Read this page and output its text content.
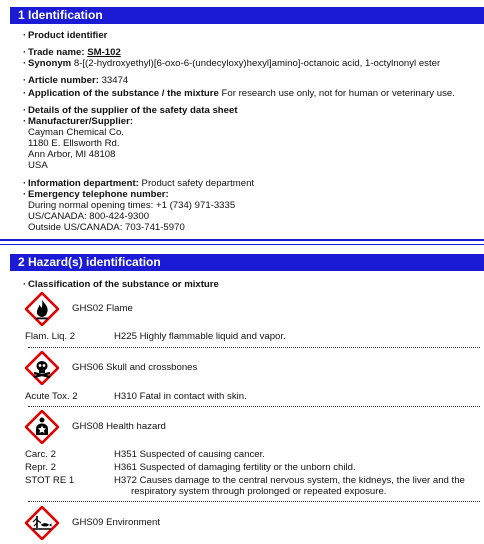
1 Identification
· Product identifier
· Trade name: SM-102
· Synonym 8-[(2-hydroxyethyl)[6-oxo-6-(undecyloxy)hexyl]amino]-octanoic acid, 1-octylnonyl ester
· Article number: 33474
· Application of the substance / the mixture For research use only, not for human or veterinary use.
· Details of the supplier of the safety data sheet
· Manufacturer/Supplier:
Cayman Chemical Co.
1180 E. Ellsworth Rd.
Ann Arbor, MI 48108
USA
· Information department: Product safety department
· Emergency telephone number:
During normal opening times: +1 (734) 971-3335
US/CANADA: 800-424-9300
Outside US/CANADA: 703-741-5970
2 Hazard(s) identification
· Classification of the substance or mixture
GHS02 Flame
Flam. Liq. 2	H225 Highly flammable liquid and vapor.
GHS06 Skull and crossbones
Acute Tox. 2	H310 Fatal in contact with skin.
GHS08 Health hazard
Carc. 2	H351 Suspected of causing cancer.
Repr. 2	H361 Suspected of damaging fertility or the unborn child.
STOT RE 1	H372 Causes damage to the central nervous system, the kidneys, the liver and the
respiratory system through prolonged or repeated exposure.
GHS09 Environment
